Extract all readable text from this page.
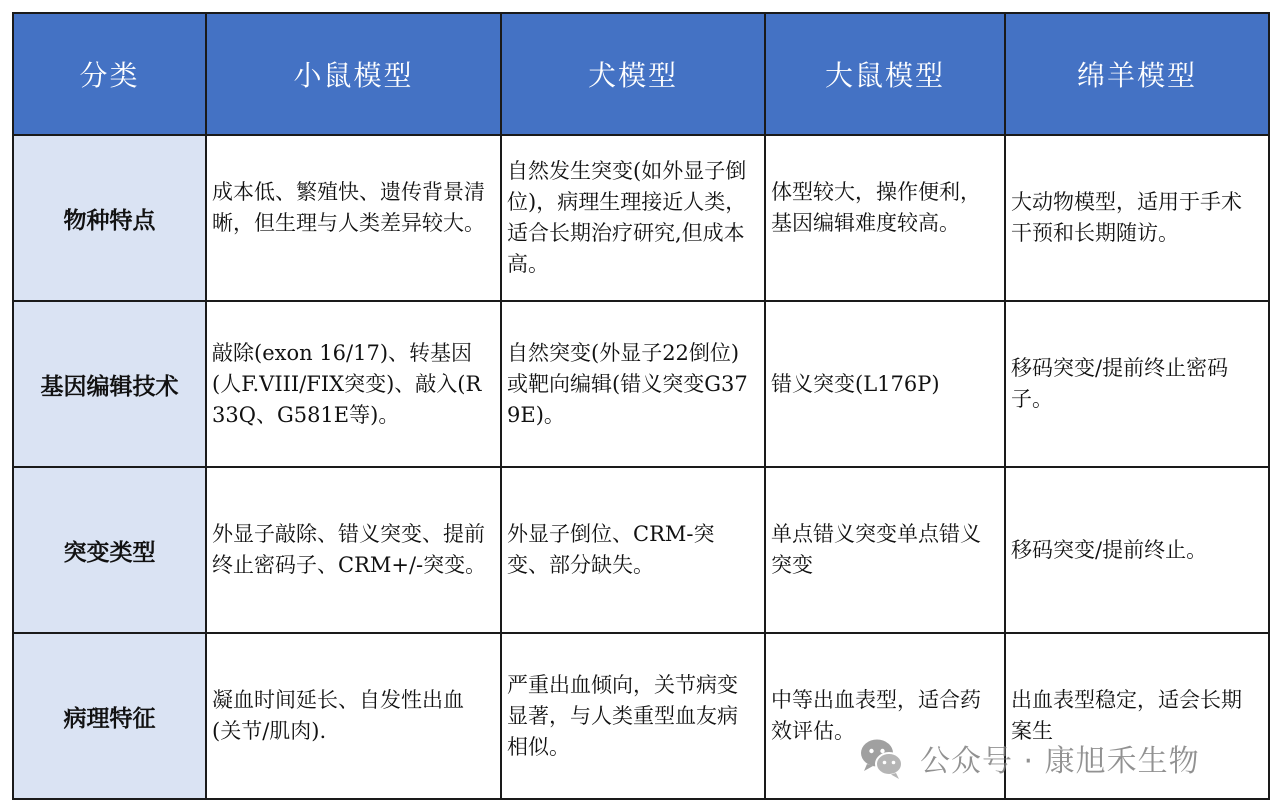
分类	小鼠模型	犬模型	大鼠模型	绵羊模型
物种特点	成本低、繁殖快、遗传背景清晰，但生理与人类差异较大。	自然发生突变(如外显子倒位)，病理生理接近人类，适合长期治疗研究,但成本高。	体型较大，操作便利，基因编辑难度较高。	大动物模型，适用于手术干预和长期随访。

基因编辑技术	敲除(exon 16/17)、转基因(人F.VIII/FIX突变)、敲入(R33Q、G581E等)。	自然突变(外显子22倒位)或靶向编辑(错义突变G379E)。	错义突变(L176P)	移码突变/提前终止密码子。

突变类型	外显子敲除、错义突变、提前终止密码子、CRM+/-突变。	外显子倒位、CRM-突变、部分缺失。	单点错义突变单点错义突变	移码突变/提前终止。

病理特征	凝血时间延长、自发性出血(关节/肌肉).	严重出血倾向，关节病变显著，与人类重型血友病相似。	中等出血表型，适合药效评估。	出血表型稳定，适会长期案生
公众号 · 康旭禾生物
